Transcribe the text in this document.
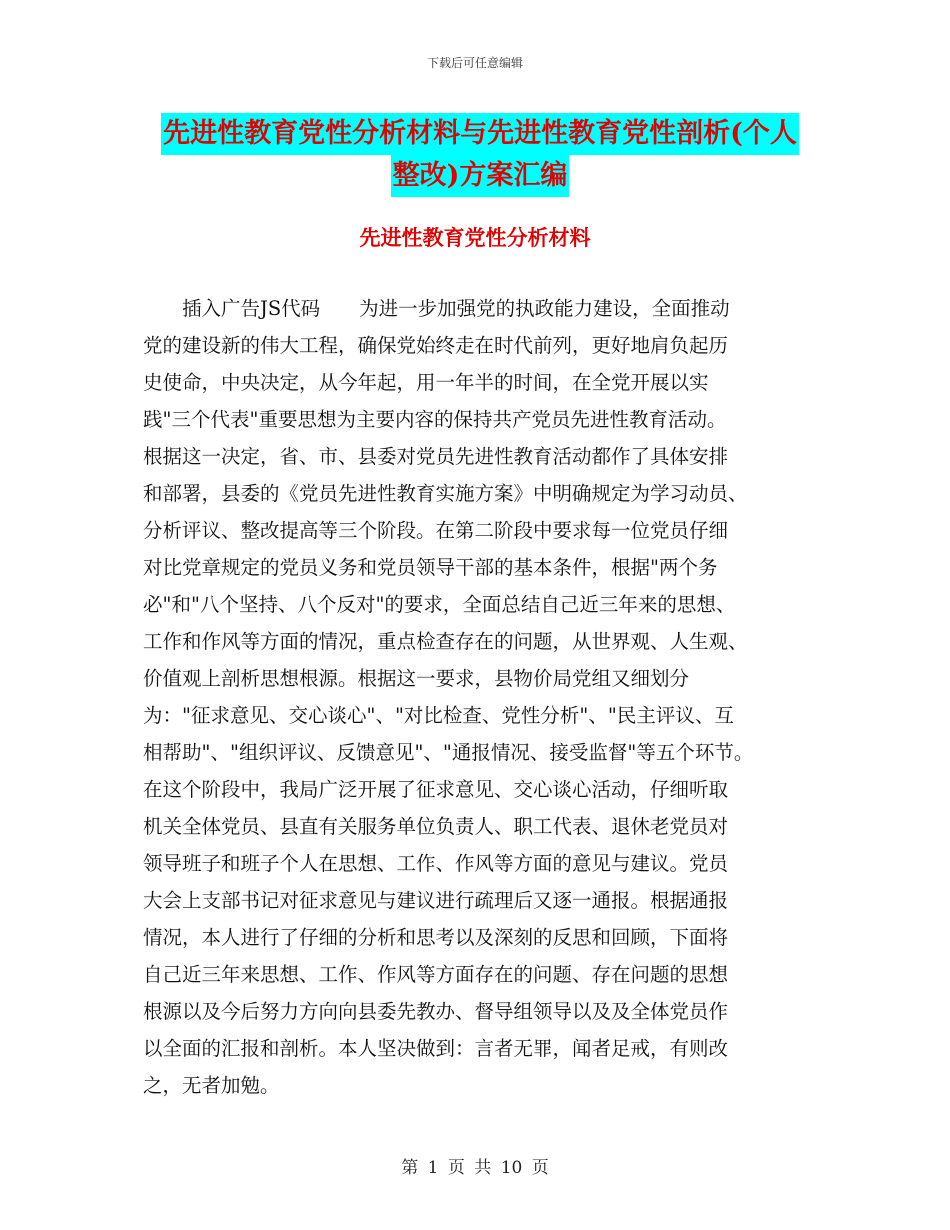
下载后可任意编辑
先进性教育党性分析材料与先进性教育党性剖析(个人
整改)方案汇编
先进性教育党性分析材料
　　插入广告JS代码　　为进一步加强党的执政能力建设，全面推动
党的建设新的伟大工程，确保党始终走在时代前列，更好地肩负起历
史使命，中央决定，从今年起，用一年半的时间，在全党开展以实
践"三个代表"重要思想为主要内容的保持共产党员先进性教育活动。
根据这一决定，省、市、县委对党员先进性教育活动都作了具体安排
和部署，县委的《党员先进性教育实施方案》中明确规定为学习动员、
分析评议、整改提高等三个阶段。在第二阶段中要求每一位党员仔细
对比党章规定的党员义务和党员领导干部的基本条件，根据"两个务
必"和"八个坚持、八个反对"的要求，全面总结自己近三年来的思想、
工作和作风等方面的情况，重点检查存在的问题，从世界观、人生观、
价值观上剖析思想根源。根据这一要求，县物价局党组又细划分
为："征求意见、交心谈心"、"对比检查、党性分析"、"民主评议、互
相帮助"、"组织评议、反馈意见"、"通报情况、接受监督"等五个环节。
在这个阶段中，我局广泛开展了征求意见、交心谈心活动，仔细听取
机关全体党员、县直有关服务单位负责人、职工代表、退休老党员对
领导班子和班子个人在思想、工作、作风等方面的意见与建议。党员
大会上支部书记对征求意见与建议进行疏理后又逐一通报。根据通报
情况，本人进行了仔细的分析和思考以及深刻的反思和回顾，下面将
自己近三年来思想、工作、作风等方面存在的问题、存在问题的思想
根源以及今后努力方向向县委先教办、督导组领导以及及全体党员作
以全面的汇报和剖析。本人坚决做到：言者无罪，闻者足戒，有则改
之，无者加勉。
第 1 页 共 10 页
